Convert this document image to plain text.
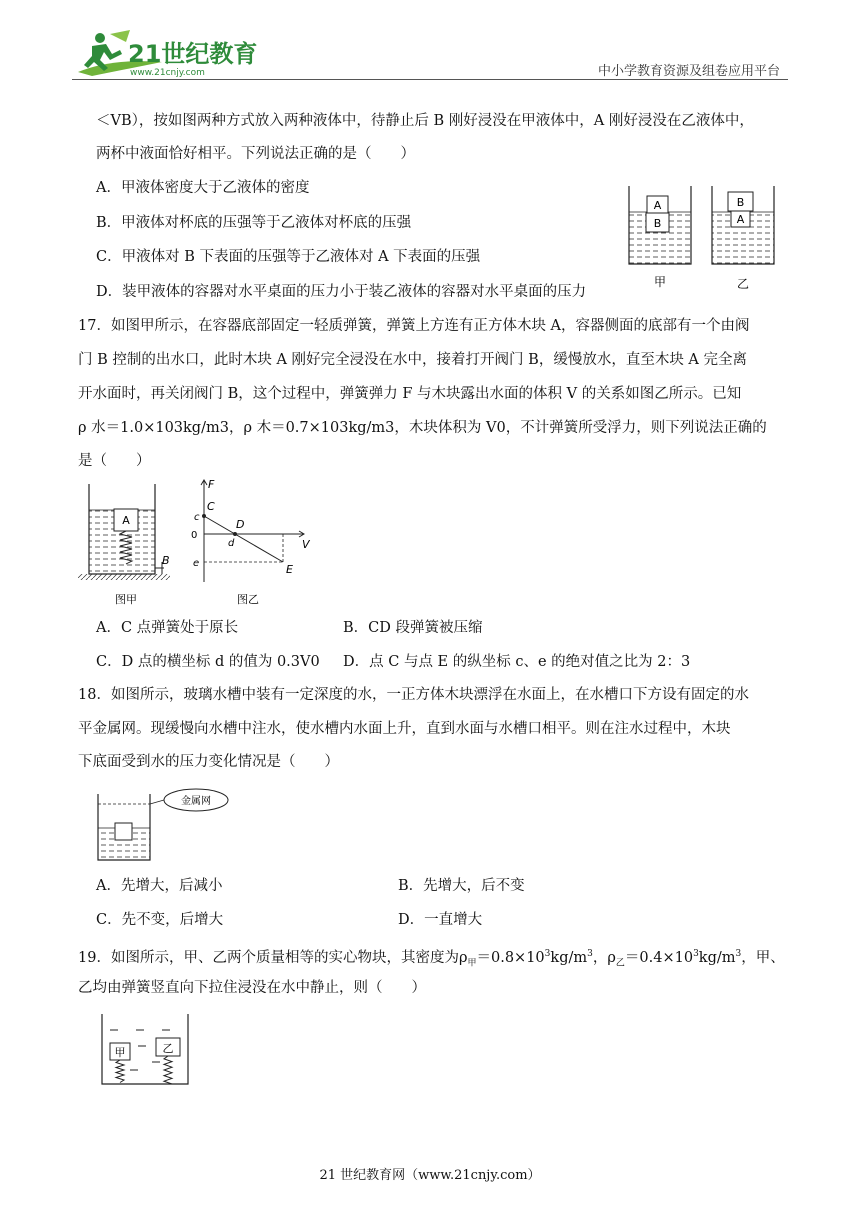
21世纪教育
www.21cnjy.com	中小学教育资源及组卷应用平台
＜VB），按如图两种方式放入两种液体中，待静止后 B 刚好浸没在甲液体中，A 刚好浸没在乙液体中，
两杯中液面恰好相平。下列说法正确的是（　　）
A．甲液体密度大于乙液体的密度
B．甲液体对杯底的压强等于乙液体对杯底的压强
C．甲液体对 B 下表面的压强等于乙液体对 A 下表面的压强
D．装甲液体的容器对水平桌面的压力小于装乙液体的容器对水平桌面的压力
A
B
甲
B
A
乙
17．如图甲所示，在容器底部固定一轻质弹簧，弹簧上方连有正方体木块 A，容器侧面的底部有一个由阀
门 B 控制的出水口，此时木块 A 刚好完全浸没在水中，接着打开阀门 B，缓慢放水，直至木块 A 完全离
开水面时，再关闭阀门 B，这个过程中，弹簧弹力 F 与木块露出水面的体积 V 的关系如图乙所示。已知
ρ 水＝1.0×103kg/m3，ρ 木＝0.7×103kg/m3，木块体积为 V0，不计弹簧所受浮力，则下列说法正确的
是（　　）
A
B
图甲
F
V
C
D
E
c
0
e
d
图乙
A．C 点弹簧处于原长	B．CD 段弹簧被压缩
C．D 点的横坐标 d 的值为 0.3V0 D．点 C 与点 E 的纵坐标 c、e 的绝对值之比为 2：3
18．如图所示，玻璃水槽中装有一定深度的水，一正方体木块漂浮在水面上，在水槽口下方设有固定的水
平金属网。现缓慢向水槽中注水，使水槽内水面上升，直到水面与水槽口相平。则在注水过程中，木块
下底面受到水的压力变化情况是（　　）
金属网
A．先增大，后减小	B．先增大，后不变
C．先不变，后增大	D．一直增大
19．如图所示，甲、乙两个质量相等的实心物块，其密度为$\rho_甲=0.8\times 10^3kg/m^3$，$\rho_乙=0.4\times 10^3kg/m^3$，甲、
乙均由弹簧竖直向下拉住浸没在水中静止，则（　　）
甲	乙
21 世纪教育网（www.21cnjy.com）
